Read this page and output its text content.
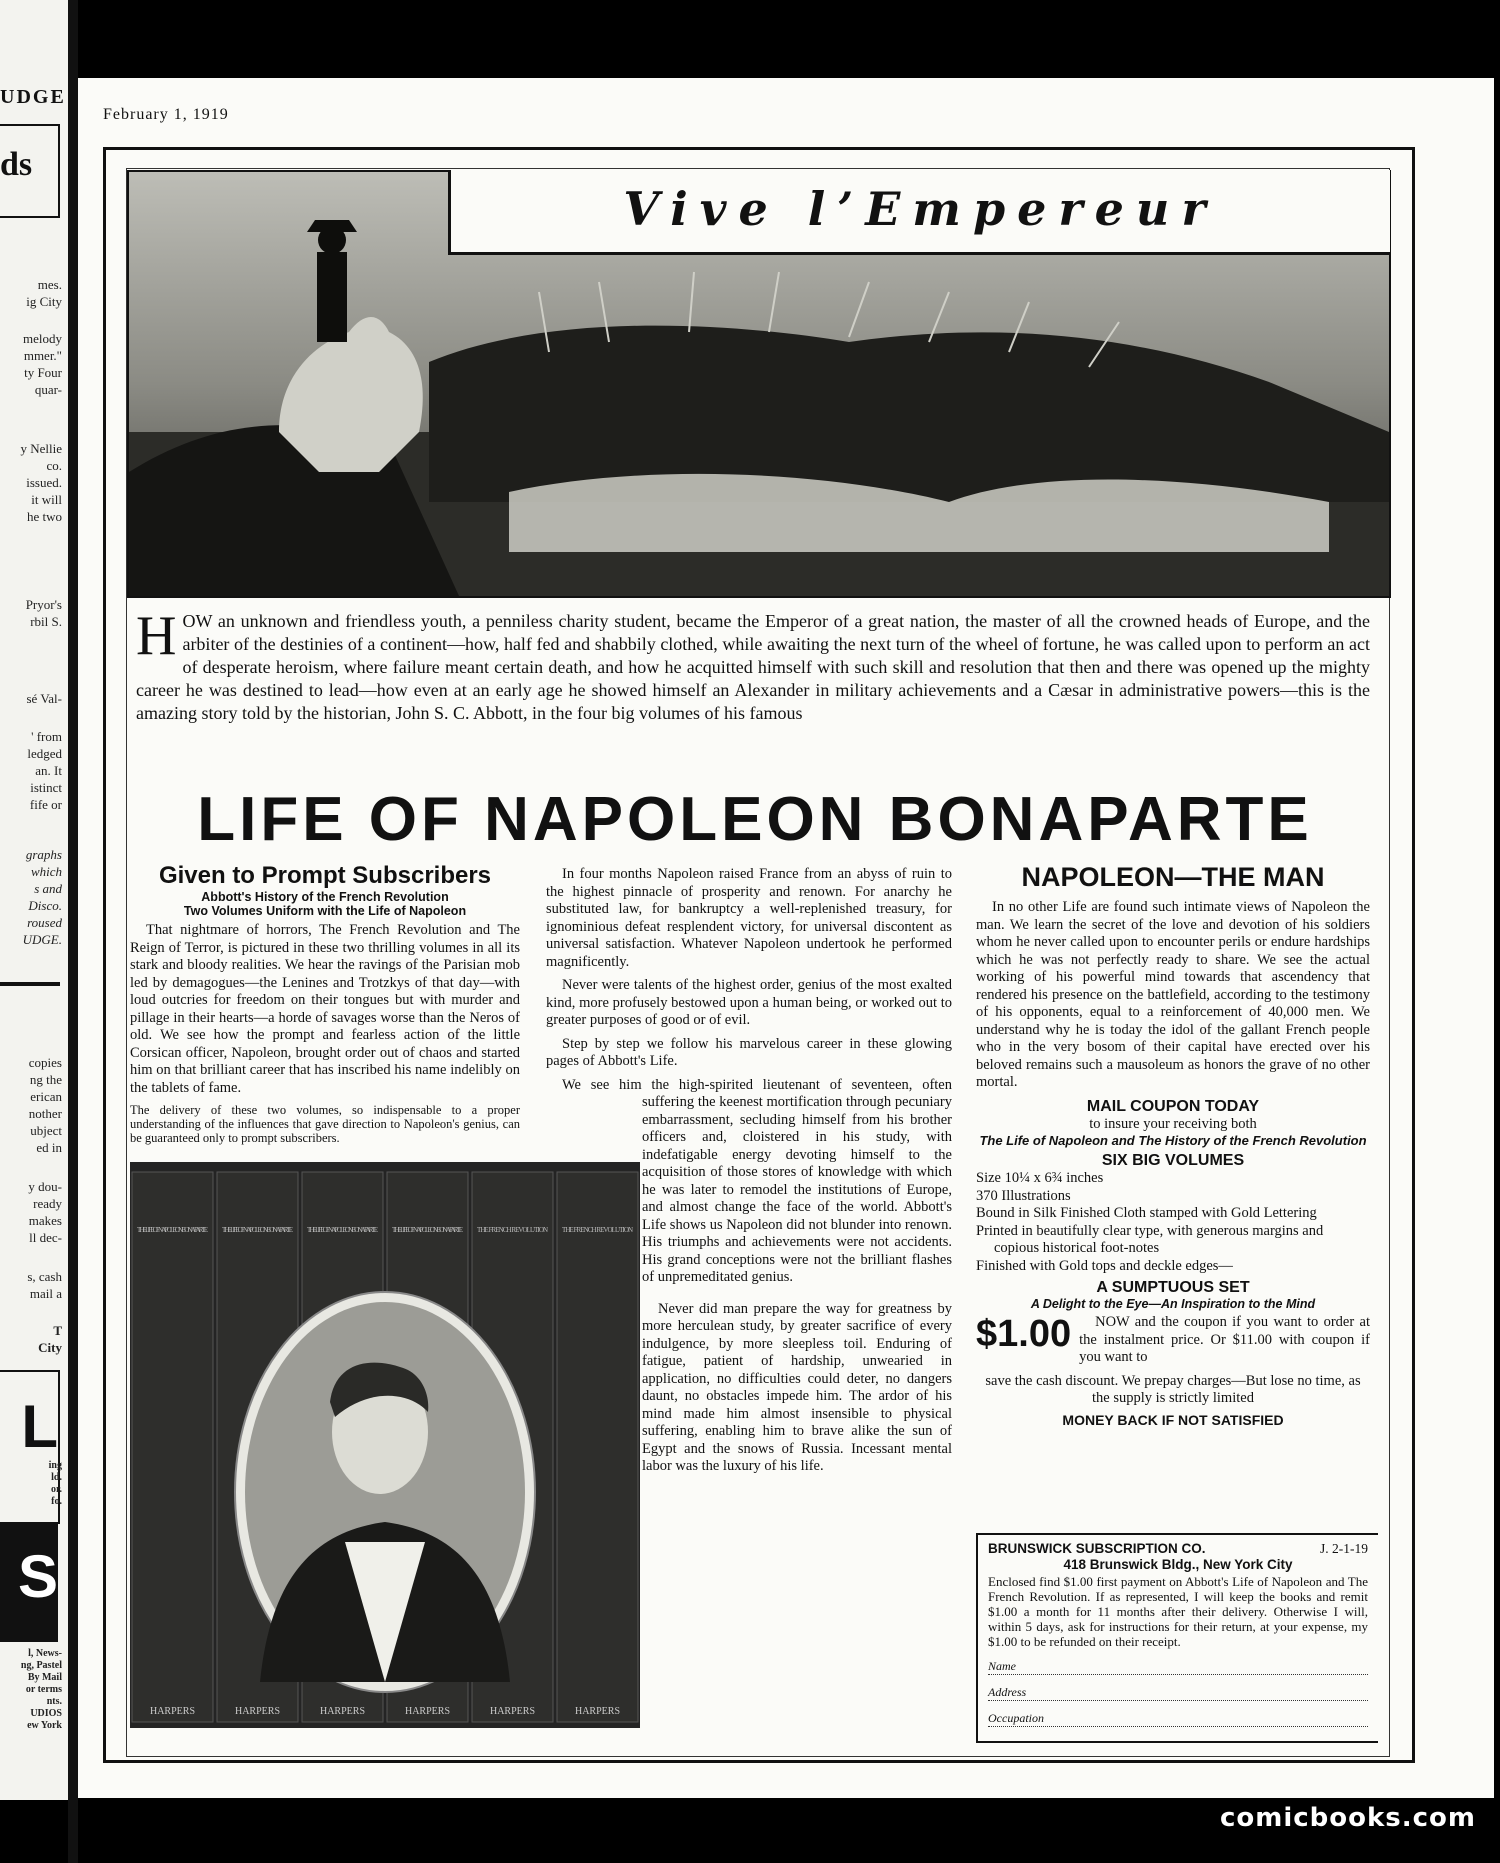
UDGE
ds
mes.
ig City
melody
mmer."
ty Four
quar-
y Nellie
co.
issued.
it will
he two
Pryor's
rbil S.
sé Val-
' from
ledged
an. It
istinct
fife or
graphs
which
s and
Disco.
roused
UDGE.
copies
ng the
erican
nother
ubject
ed in
y dou-
ready
makes
ll dec-
s, cash
mail a
T
City
L
ing
ld.
or.
fo.
S
l, News-
ng, Pastel
By Mail
or terms
nts.
UDIOS
ew York
February 1, 1919
Vive l’Empereur
HOW an unknown and friendless youth, a penniless charity student, became the Emperor of a great nation, the master of all the crowned heads of Europe, and the arbiter of the destinies of a continent—how, half fed and shabbily clothed, while awaiting the next turn of the wheel of fortune, he was called upon to perform an act of desperate heroism, where failure meant certain death, and how he acquitted himself with such skill and resolution that then and there was opened up the mighty career he was destined to lead—how even at an early age he showed himself an Alexander in military achievements and a Cæsar in administrative powers—this is the amazing story told by the historian, John S. C. Abbott, in the four big volumes of his famous
LIFE OF NAPOLEON BONAPARTE
Given to Prompt Subscribers
Abbott's History of the French Revolution
Two Volumes Uniform with the Life of Napoleon

That nightmare of horrors, The French Revolution and The Reign of Terror, is pictured in these two thrilling volumes in all its stark and bloody realities. We hear the ravings of the Parisian mob led by demagogues—the Lenines and Trotzkys of that day—with loud outcries for freedom on their tongues but with murder and pillage in their hearts—a horde of savages worse than the Neros of old. We see how the prompt and fearless action of the little Corsican officer, Napoleon, brought order out of chaos and started him on that brilliant career that has inscribed his name indelibly on the tablets of fame.

The delivery of these two volumes, so indispensable to a proper understanding of the influences that gave direction to Napoleon's genius, can be guaranteed only to prompt subscribers.

THE LIFE OF NAPOLEON BONAPARTE
HARPERS
THE LIFE OF NAPOLEON BONAPARTE
HARPERS
THE LIFE OF NAPOLEON BONAPARTE
HARPERS
THE LIFE OF NAPOLEON BONAPARTE
HARPERS
THE FRENCH REVOLUTION
HARPERS
THE FRENCH REVOLUTION
HARPERS

In four months Napoleon raised France from an abyss of ruin to the highest pinnacle of prosperity and renown. For anarchy he substituted law, for bankruptcy a well-replenished treasury, for ignominious defeat resplendent victory, for universal discontent as universal satisfaction. Whatever Napoleon undertook he performed magnificently.

Never were talents of the highest order, genius of the most exalted kind, more profusely bestowed upon a human being, or worked out to greater purposes of good or of evil.

Step by step we follow his marvelous career in these glowing pages of Abbott's Life.

We see him the high-spirited lieutenant of seventeen, often suffering the keenest mortification through pecuniary embarrassment, secluding himself from his brother officers and, cloistered in his study, with indefatigable energy devoting himself to the acquisition of those stores of knowledge with which he was later to remodel the institutions of Europe, and almost change the face of the world. Abbott's Life shows us Napoleon did not blunder into renown. His triumphs and achievements were not accidents. His grand conceptions were not the brilliant flashes of unpremeditated genius.

Never did man prepare the way for greatness by more herculean study, by greater sacrifice of every indulgence, by more sleepless toil. Enduring of fatigue, patient of hardship, unwearied in application, no difficulties could deter, no dangers daunt, no obstacles impede him. The ardor of his mind made him almost insensible to physical suffering, enabling him to brave alike the sun of Egypt and the snows of Russia. Incessant mental labor was the luxury of his life.

NAPOLEON—THE MAN

In no other Life are found such intimate views of Napoleon the man. We learn the secret of the love and devotion of his soldiers whom he never called upon to encounter perils or endure hardships which he was not perfectly ready to share. We see the actual working of his powerful mind towards that ascendency that rendered his presence on the battlefield, according to the testimony of his opponents, equal to a reinforcement of 40,000 men. We understand why he is today the idol of the gallant French people who in the very bosom of their capital have erected over his beloved remains such a mausoleum as honors the grave of no other mortal.

MAIL COUPON TODAY

to insure your receiving both

The Life of Napoleon and The History of the French Revolution

SIX BIG VOLUMES

Size 10¼ x 6¾ inches

370 Illustrations

Bound in Silk Finished Cloth stamped with Gold Lettering

Printed in beautifully clear type, with generous margins and copious historical foot-notes

Finished with Gold tops and deckle edges—

A SUMPTUOUS SET

A Delight to the Eye—An Inspiration to the Mind

$1.00	NOW and the coupon if you want to order at the instalment price. Or $11.00 with coupon if you want to

save the cash discount. We prepay charges—But lose no time, as the supply is strictly limited

MONEY BACK IF NOT SATISFIED

BRUNSWICK SUBSCRIPTION CO.	J. 2-1-19
418 Brunswick Bldg., New York City
Enclosed find $1.00 first payment on Abbott's Life of Napoleon and The French Revolution. If as represented, I will keep the books and remit $1.00 a month for 11 months after their delivery. Otherwise I will, within 5 days, ask for instructions for their return, at your expense, my $1.00 to be refunded on their receipt.
Name
Address
Occupation
comicbooks.com
